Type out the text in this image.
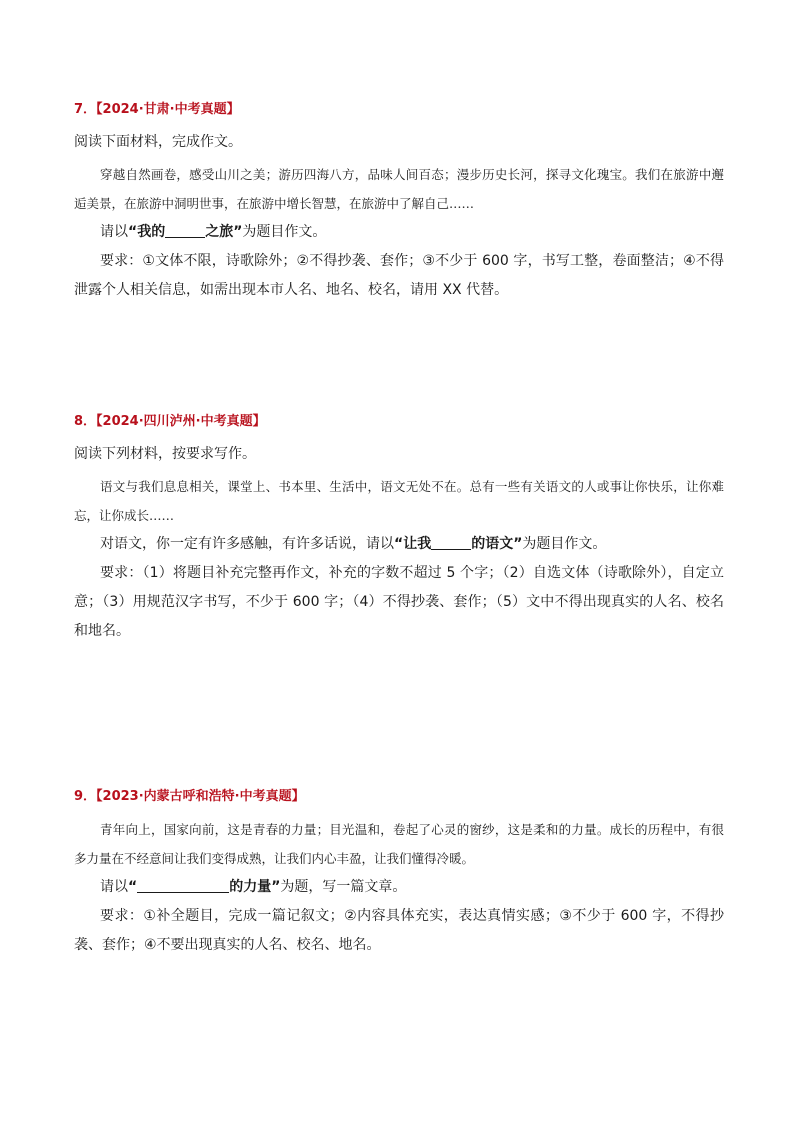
7．【2024·甘肃·中考真题】
阅读下面材料，完成作文。
穿越自然画卷，感受山川之美；游历四海八方，品味人间百态；漫步历史长河，探寻文化瑰宝。我们在旅游中邂逅美景，在旅游中洞明世事，在旅游中增长智慧，在旅游中了解自己……
请以“我的	之旅”为题目作文。
要求：①文体不限，诗歌除外；②不得抄袭、套作；③不少于 600 字，书写工整，卷面整洁；④不得泄露个人相关信息，如需出现本市人名、地名、校名，请用 XX 代替。
8．【2024·四川泸州·中考真题】
阅读下列材料，按要求写作。
语文与我们息息相关，课堂上、书本里、生活中，语文无处不在。总有一些有关语文的人或事让你快乐，让你难忘，让你成长……
对语文，你一定有许多感触，有许多话说，请以“让我	的语文”为题目作文。
要求：（1）将题目补充完整再作文，补充的字数不超过 5 个字；（2）自选文体（诗歌除外），自定立意；（3）用规范汉字书写，不少于 600 字；（4）不得抄袭、套作；（5）文中不得出现真实的人名、校名和地名。
9．【2023·内蒙古呼和浩特·中考真题】
青年向上，国家向前，这是青春的力量；目光温和，卷起了心灵的窗纱，这是柔和的力量。成长的历程中，有很多力量在不经意间让我们变得成熟，让我们内心丰盈，让我们懂得冷暖。
请以“	的力量”为题，写一篇文章。
要求：①补全题目，完成一篇记叙文；②内容具体充实，表达真情实感；③不少于 600 字，不得抄袭、套作；④不要出现真实的人名、校名、地名。
